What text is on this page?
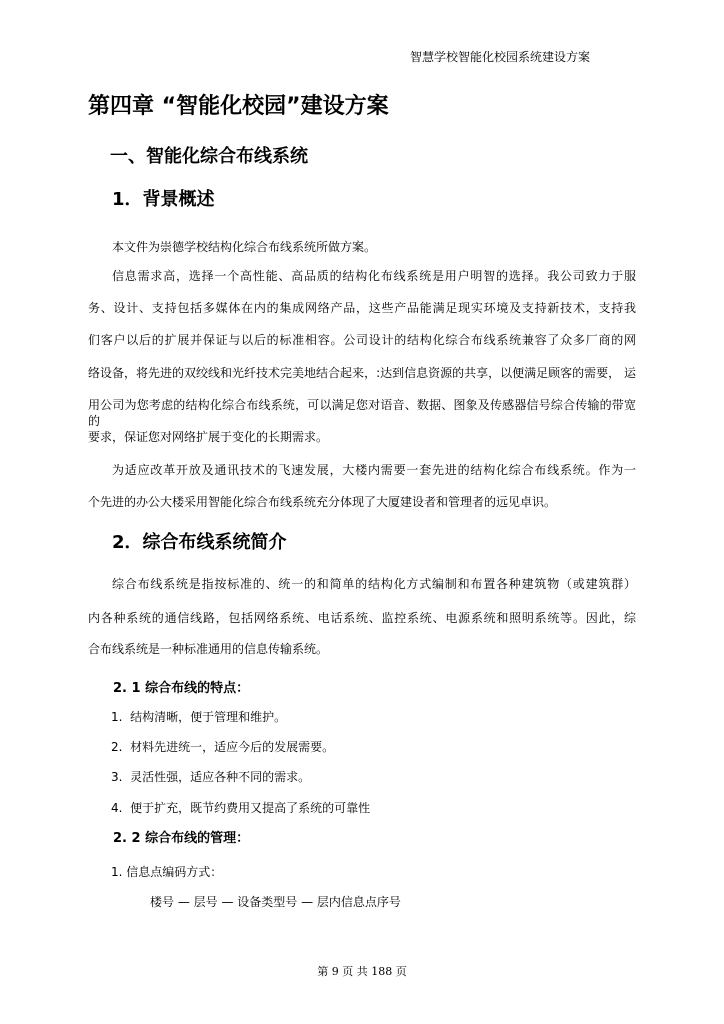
智慧学校智能化校园系统建设方案
第四章 “智能化校园”建设方案
一、智能化综合布线系统
1．背景概述
本文件为崇德学校结构化综合布线系统所做方案。
信息需求高，选择一个高性能、高品质的结构化布线系统是用户明智的选择。我公司致力于服
务、设计、支持包括多媒体在内的集成网络产品，这些产品能满足现实环境及支持新技术，支持我
们客户以后的扩展并保证与以后的标准相容。公司设计的结构化综合布线系统兼容了众多厂商的网
络设备，将先进的双绞线和光纤技术完美地结合起来，:达到信息资源的共享，以便满足顾客的需要， 运
用公司为您考虑的结构化综合布线系统，可以满足您对语音、数据、图象及传感器信号综合传输的带宽的
要求，保证您对网络扩展于变化的长期需求。
为适应改革开放及通讯技术的飞速发展，大楼内需要一套先进的结构化综合布线系统。作为一
个先进的办公大楼采用智能化综合布线系统充分体现了大厦建设者和管理者的远见卓识。
2．综合布线系统简介
综合布线系统是指按标准的、统一的和简单的结构化方式编制和布置各种建筑物（或建筑群）
内各种系统的通信线路，包括网络系统、电话系统、监控系统、电源系统和照明系统等。因此，综
合布线系统是一种标准通用的信息传输系统。
2. 1 综合布线的特点：
1.  结构清晰，便于管理和维护。
2.  材料先进统一，适应今后的发展需要。
3.  灵活性强，适应各种不同的需求。
4.  便于扩充，既节约费用又提高了系统的可靠性
2. 2 综合布线的管理：
1. 信息点编码方式：
楼号 — 层号 — 设备类型号 — 层内信息点序号
第 9 页 共 188 页
